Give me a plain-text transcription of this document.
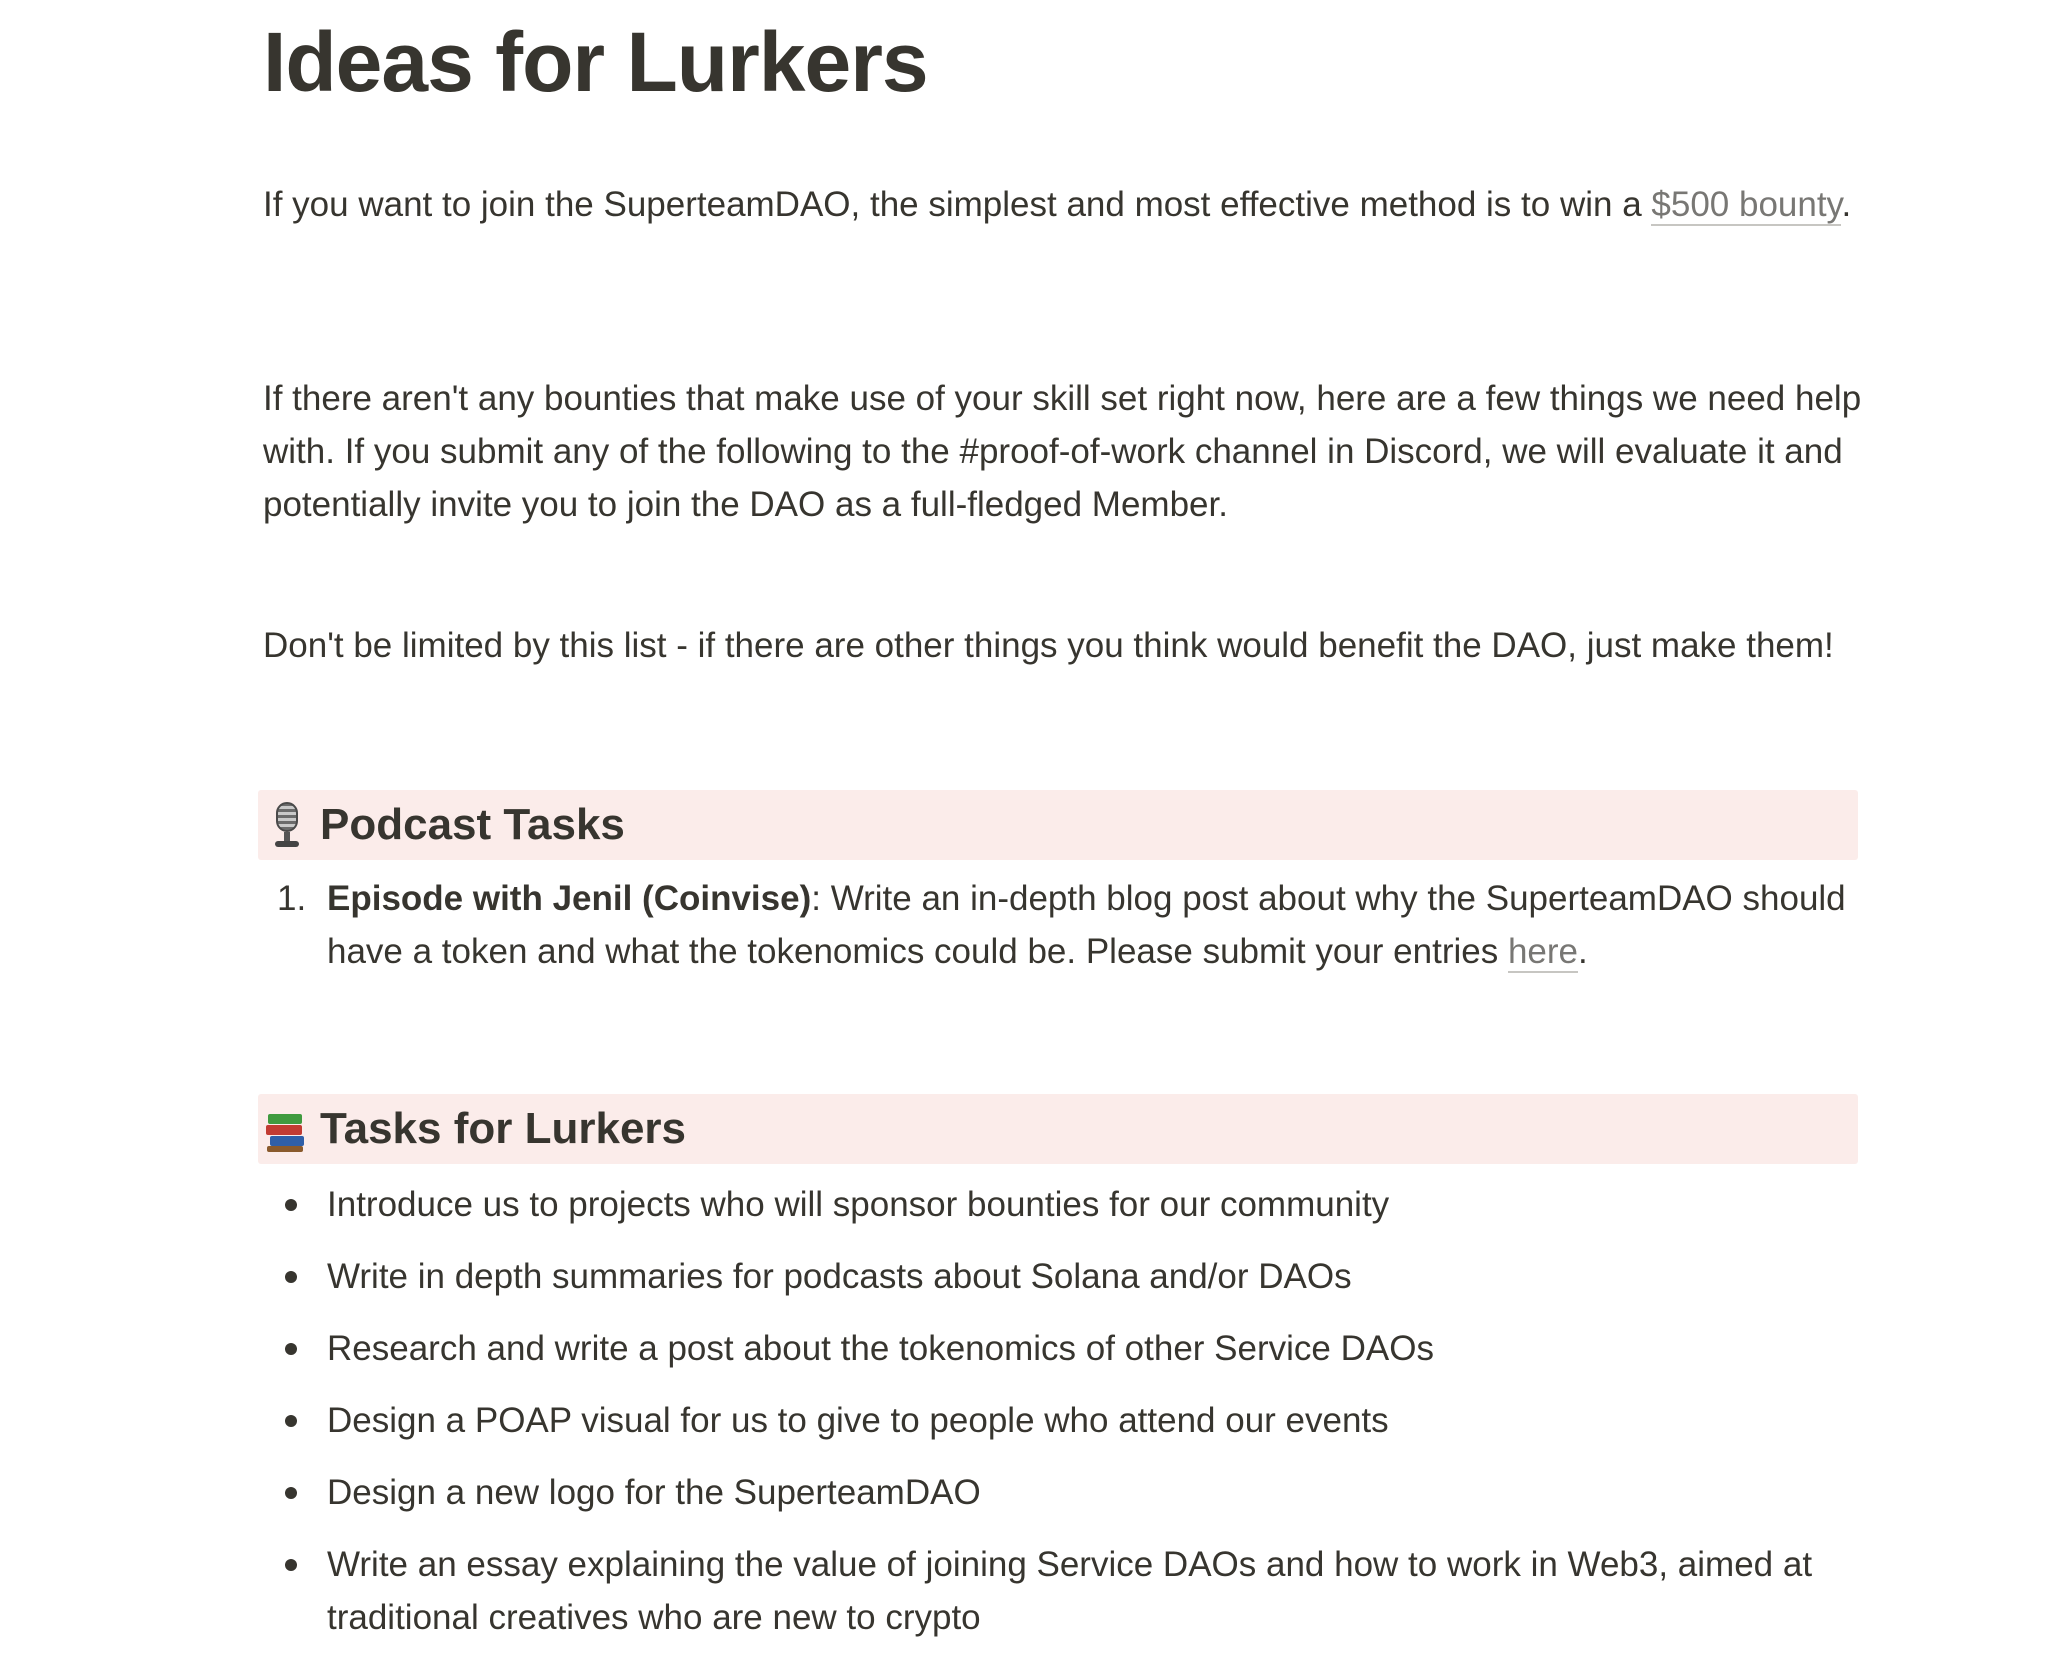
Ideas for Lurkers

If you want to join the SuperteamDAO, the simplest and most effective method is to win a $500 bounty.

If there aren't any bounties that make use of your skill set right now, here are a few things we need help with. If you submit any of the following to the #proof-of-work channel in Discord, we will evaluate it and potentially invite you to join the DAO as a full-fledged Member.

Don't be limited by this list - if there are other things you think would benefit the DAO, just make them!

Podcast Tasks
1. Episode with Jenil (Coinvise): Write an in-depth blog post about why the SuperteamDAO should have a token and what the tokenomics could be. Please submit your entries here.
Tasks for Lurkers
Introduce us to projects who will sponsor bounties for our community
Write in depth summaries for podcasts about Solana and/or DAOs
Research and write a post about the tokenomics of other Service DAOs
Design a POAP visual for us to give to people who attend our events
Design a new logo for the SuperteamDAO
Write an essay explaining the value of joining Service DAOs and how to work in Web3, aimed at traditional creatives who are new to crypto
